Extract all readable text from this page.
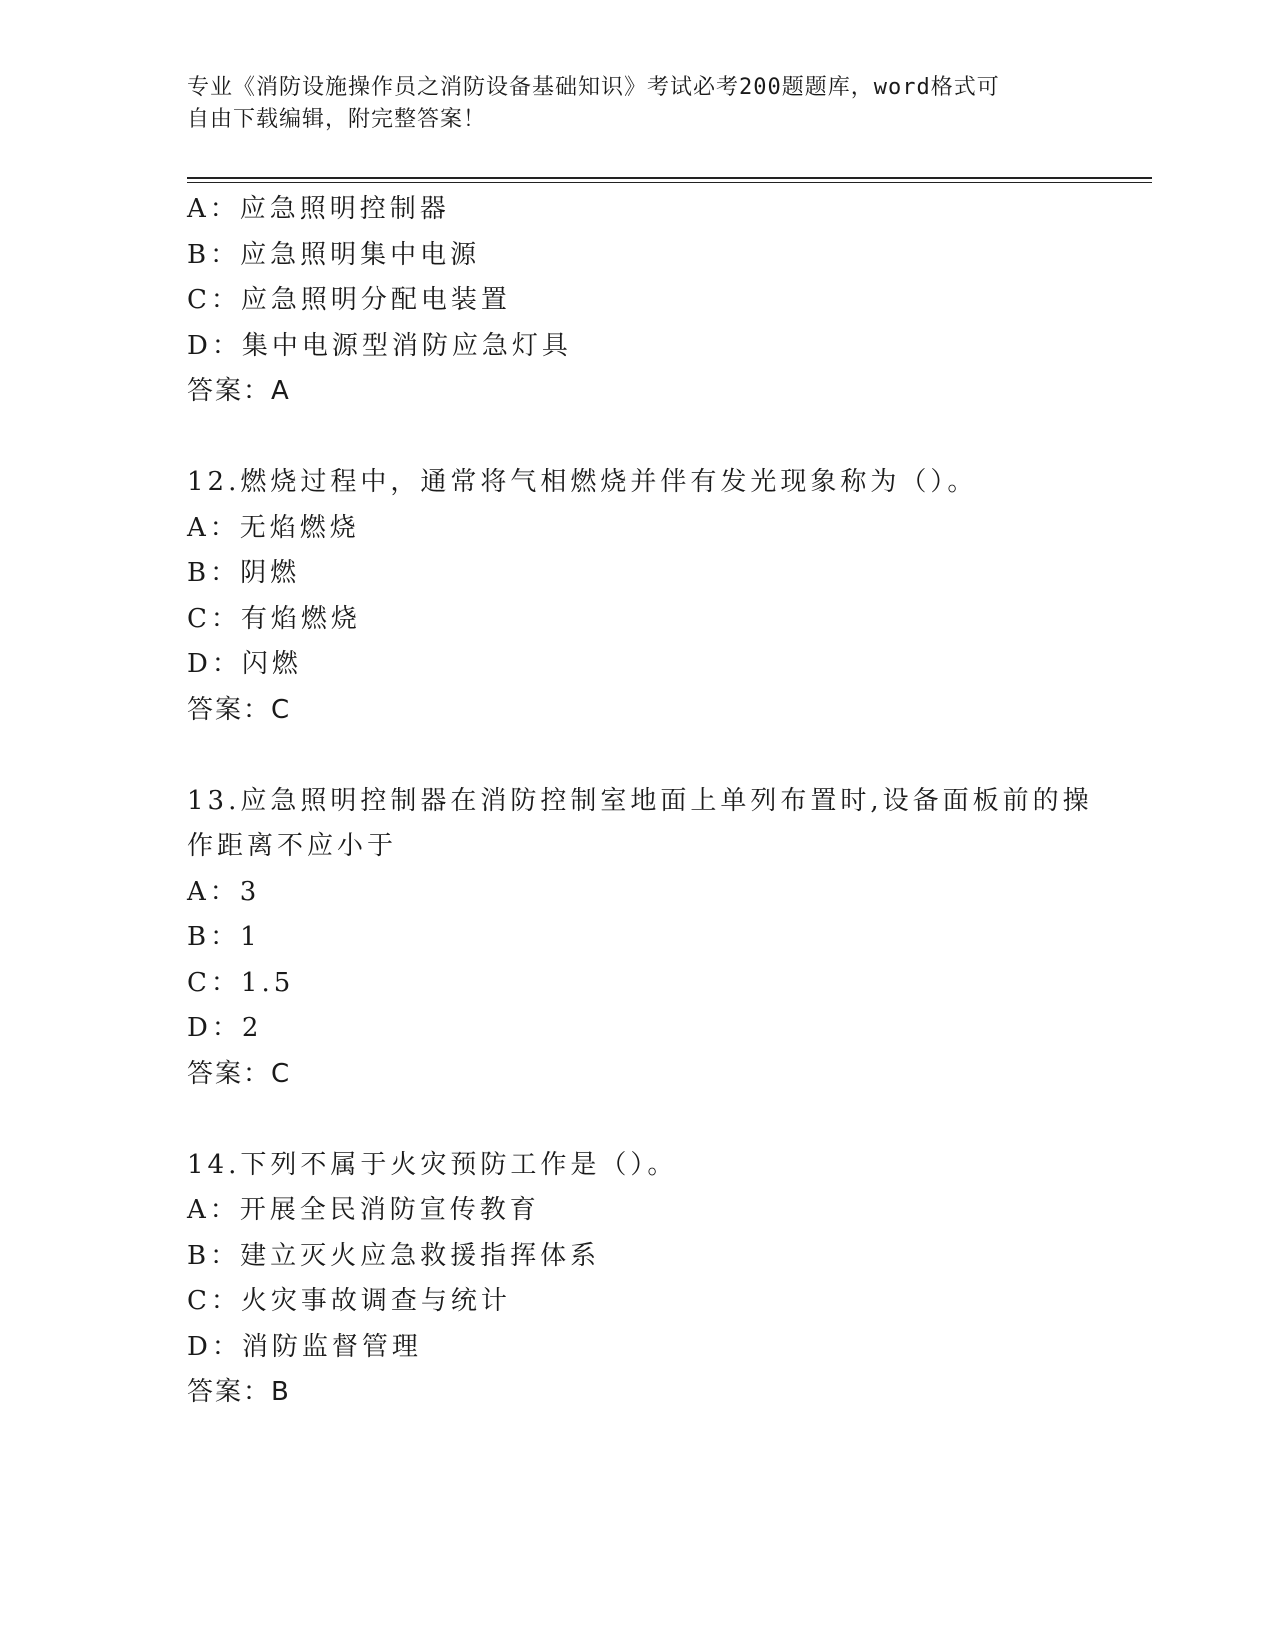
专业《消防设施操作员之消防设备基础知识》考试必考200题题库，word格式可
自由下载编辑，附完整答案！
A：应急照明控制器
B：应急照明集中电源
C：应急照明分配电装置
D：集中电源型消防应急灯具
答案：A
12.燃烧过程中，通常将气相燃烧并伴有发光现象称为（）。
A：无焰燃烧
B：阴燃
C：有焰燃烧
D：闪燃
答案：C
13.应急照明控制器在消防控制室地面上单列布置时,设备面板前的操
作距离不应小于
A：3
B：1
C：1.5
D：2
答案：C
14.下列不属于火灾预防工作是（）。
A：开展全民消防宣传教育
B：建立灭火应急救援指挥体系
C：火灾事故调查与统计
D：消防监督管理
答案：B
